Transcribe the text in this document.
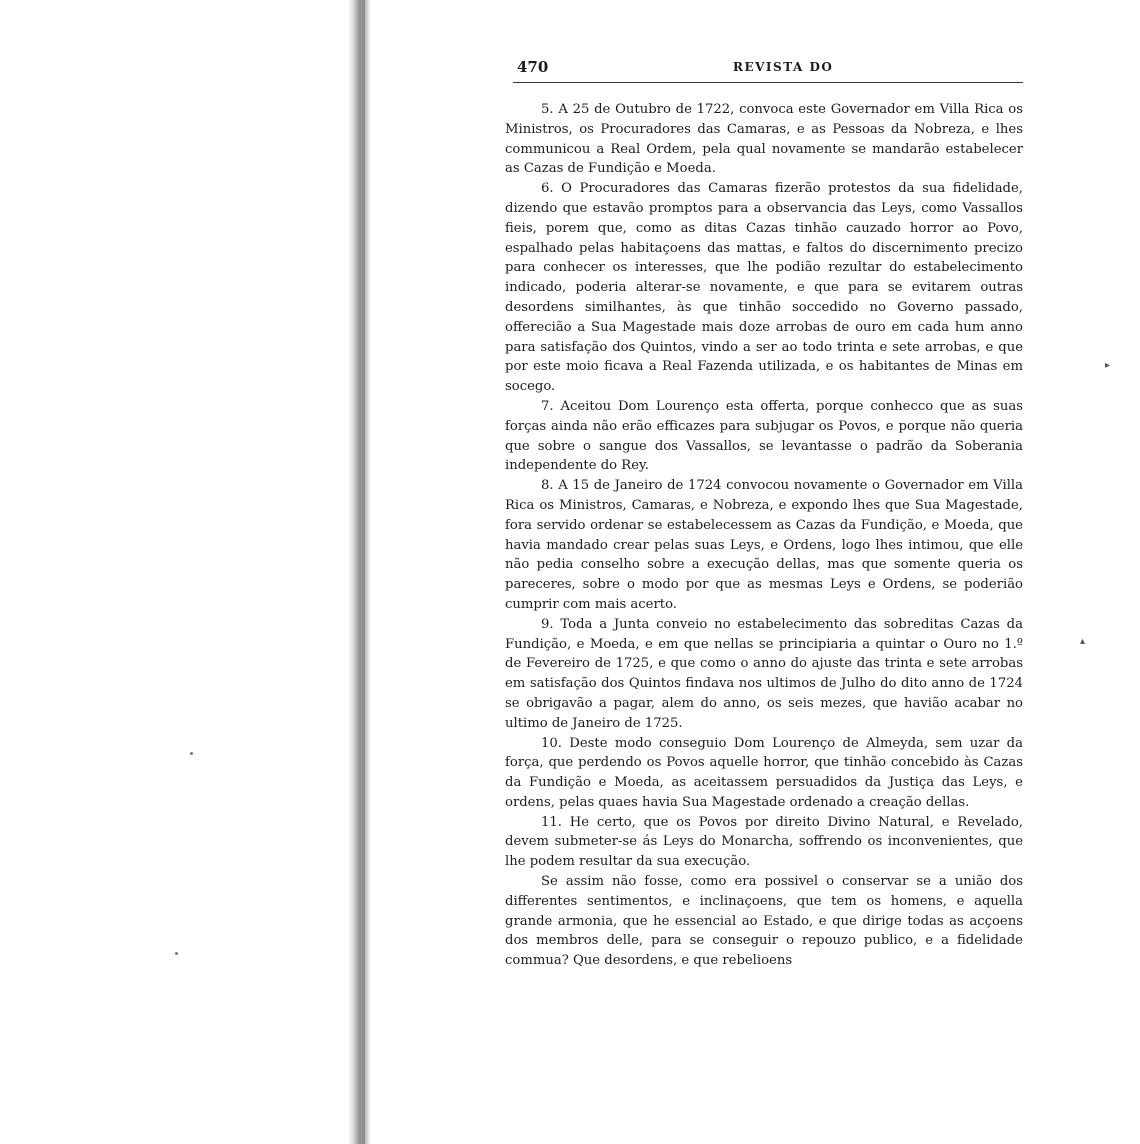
▸
▴
470	REVISTA DO

5. A 25 de Outubro de 1722, convoca este Governador em Villa Rica os Ministros, os Procuradores das Camaras, e as Pessoas da Nobreza, e lhes communicou a Real Ordem, pela qual novamente se mandarão estabelecer as Cazas de Fundição e Moeda.

6. O Procuradores das Camaras fizerão protestos da sua fidelidade, dizendo que estavão promptos para a observancia das Leys, como Vassallos fieis, porem que, como as ditas Cazas tinhão cauzado horror ao Povo, espalhado pelas habitaçoens das mattas, e faltos do discernimento precizo para conhecer os interesses, que lhe podião rezultar do estabelecimento indicado, poderia alterar-se novamente, e que para se evitarem outras desordens similhantes, às que tinhão soccedido no Governo passado, offerecião a Sua Magestade mais doze arrobas de ouro em cada hum anno para satisfação dos Quintos, vindo a ser ao todo trinta e sete arrobas, e que por este moio ficava a Real Fazenda utilizada, e os habitantes de Minas em socego.

7. Aceitou Dom Lourenço esta offerta, porque conhecco que as suas forças ainda não erão efficazes para subjugar os Povos, e porque não queria que sobre o sangue dos Vassallos, se levantasse o padrão da Soberania independente do Rey.

8. A 15 de Janeiro de 1724 convocou novamente o Governador em Villa Rica os Ministros, Camaras, e Nobreza, e expondo lhes que Sua Magestade, fora servido ordenar se estabelecessem as Cazas da Fundição, e Moeda, que havia mandado crear pelas suas Leys, e Ordens, logo lhes intimou, que elle não pedia conselho sobre a execução dellas, mas que somente queria os pareceres, sobre o modo por que as mesmas Leys e Ordens, se poderião cumprir com mais acerto.

9. Toda a Junta conveio no estabelecimento das sobreditas Cazas da Fundição, e Moeda, e em que nellas se principiaria a quintar o Ouro no 1.º de Fevereiro de 1725, e que como o anno do ajuste das trinta e sete arrobas em satisfação dos Quintos findava nos ultimos de Julho do dito anno de 1724 se obrigavão a pagar, alem do anno, os seis mezes, que havião acabar no ultimo de Janeiro de 1725.

10. Deste modo conseguio Dom Lourenço de Almeyda, sem uzar da força, que perdendo os Povos aquelle horror, que tinhão concebido às Cazas da Fundição e Moeda, as aceitassem persuadidos da Justiça das Leys, e ordens, pelas quaes havia Sua Magestade ordenado a creação dellas.

11. He certo, que os Povos por direito Divino Natural, e Revelado, devem submeter-se ás Leys do Monarcha, soffrendo os inconvenientes, que lhe podem resultar da sua execução.

Se assim não fosse, como era possivel o conservar se a união dos differentes sentimentos, e inclinaçoens, que tem os homens, e aquella grande armonia, que he essencial ao Estado, e que dirige todas as acçoens dos membros delle, para se conseguir o repouzo publico, e a fidelidade commua? Que desordens, e que rebelioens
